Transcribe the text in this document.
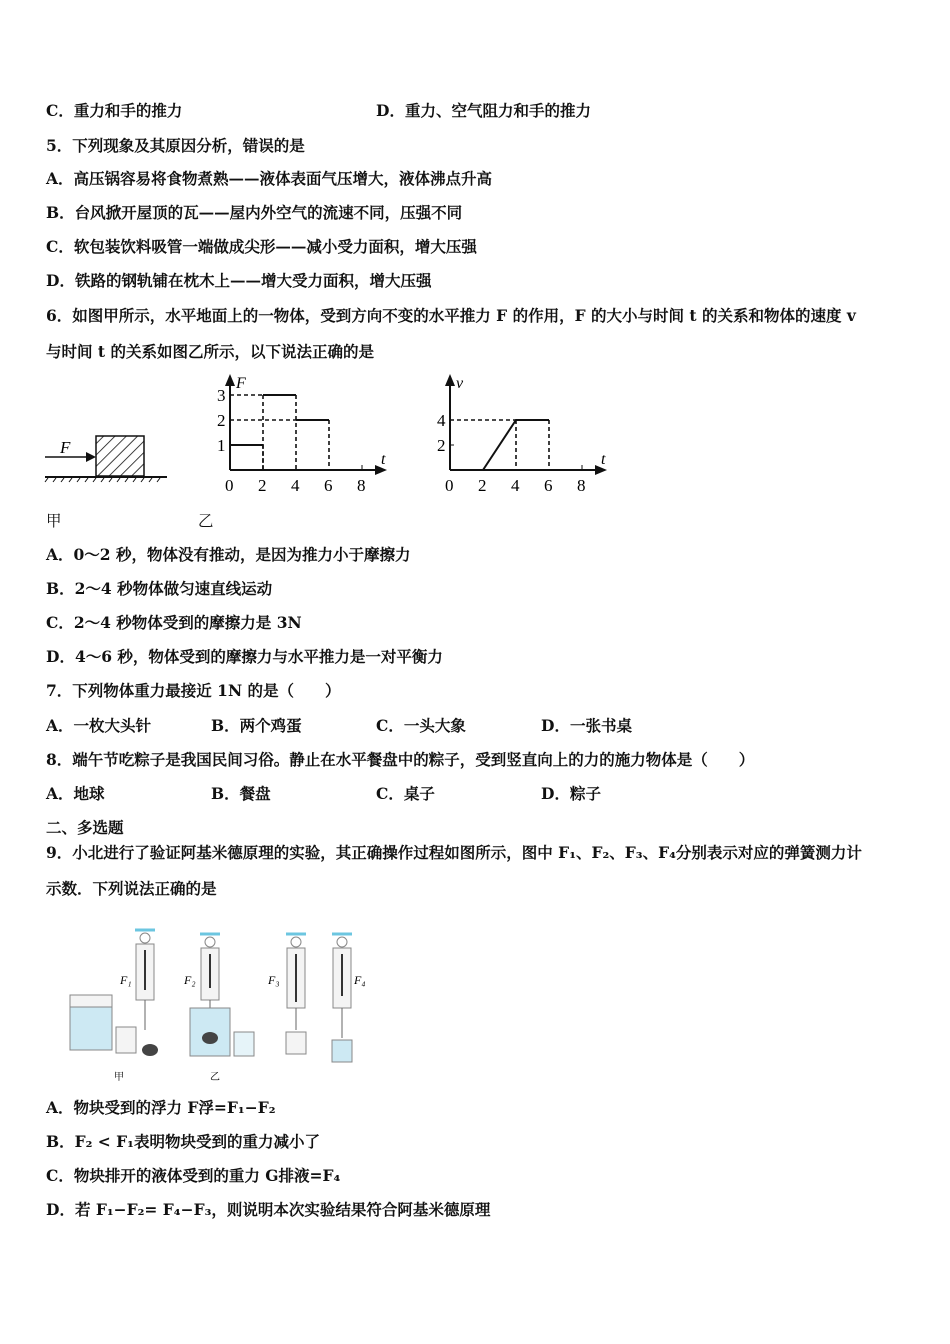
C．重力和手的推力	D．重力、空气阻力和手的推力
5．下列现象及其原因分析，错误的是
A．高压锅容易将食物煮熟——液体表面气压增大，液体沸点升高
B．台风掀开屋顶的瓦——屋内外空气的流速不同，压强不同
C．软包装饮料吸管一端做成尖形——减小受力面积，增大压强
D．铁路的钢轨铺在枕木上——增大受力面积，增大压强
6．如图甲所示，水平地面上的一物体，受到方向不变的水平推力 F 的作用，F 的大小与时间 t 的关系和物体的速度 v
与时间 t 的关系如图乙所示，以下说法正确的是
F
t
F
0 2 4 6 8
1
2
3
t
v
0 2 4 6 8
2
4
甲	乙
A．0～2 秒，物体没有推动，是因为推力小于摩擦力
B．2～4 秒物体做匀速直线运动
C．2～4 秒物体受到的摩擦力是 3N
D．4～6 秒，物体受到的摩擦力与水平推力是一对平衡力
7．下列物体重力最接近 1N 的是（　　）
A．一枚大头针	B．两个鸡蛋	C．一头大象	D．一张书桌
8．端午节吃粽子是我国民间习俗。静止在水平餐盘中的粽子，受到竖直向上的力的施力物体是（　　）
A．地球	B．餐盘	C．桌子	D．粽子
二、多选题
9．小北进行了验证阿基米德原理的实验，其正确操作过程如图所示，图中 F₁、F₂、F₃、F₄分别表示对应的弹簧测力计
示数．下列说法正确的是
F₁	F₂	F₃	F₄
甲	乙
A．物块受到的浮力 F浮=F₁−F₂
B．F₂ < F₁表明物块受到的重力减小了
C．物块排开的液体受到的重力 G排液=F₄
D．若 F₁−F₂= F₄−F₃，则说明本次实验结果符合阿基米德原理
